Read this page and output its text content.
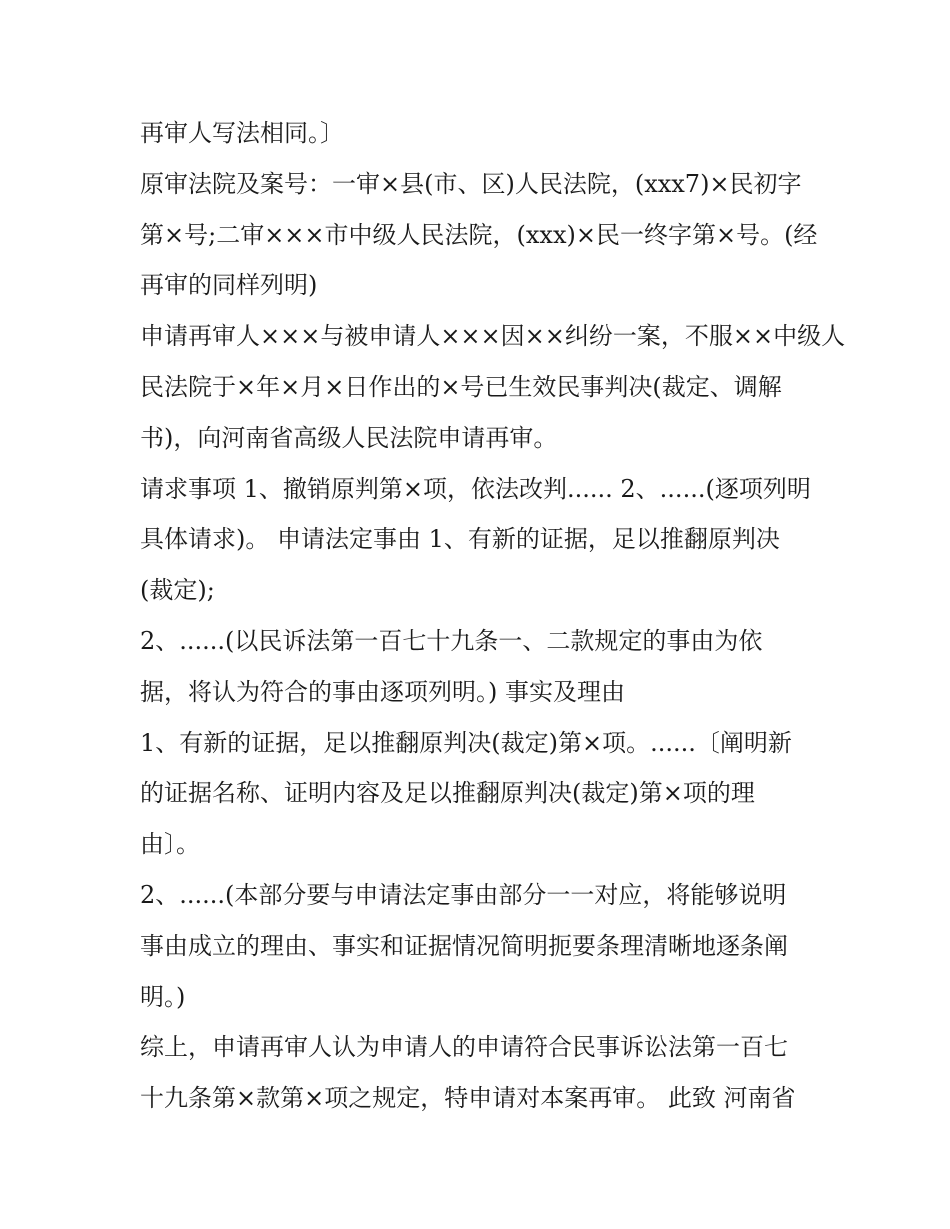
再审人写法相同。〕
原审法院及案号：一审×县(市、区)人民法院，(xxx7)×民初字
第×号;二审×××市中级人民法院，(xxx)×民一终字第×号。(经
再审的同样列明)
申请再审人×××与被申请人×××因××纠纷一案，不服××中级人
民法院于×年×月×日作出的×号已生效民事判决(裁定、调解
书)，向河南省高级人民法院申请再审。
请求事项 1、撤销原判第×项，依法改判...... 2、......(逐项列明
具体请求)。 申请法定事由 1、有新的证据，足以推翻原判决
(裁定);
2、......(以民诉法第一百七十九条一、二款规定的事由为依
据，将认为符合的事由逐项列明。) 事实及理由
1、有新的证据，足以推翻原判决(裁定)第×项。......〔阐明新
的证据名称、证明内容及足以推翻原判决(裁定)第×项的理
由〕。
2、......(本部分要与申请法定事由部分一一对应，将能够说明
事由成立的理由、事实和证据情况简明扼要条理清晰地逐条阐
明。)
综上，申请再审人认为申请人的申请符合民事诉讼法第一百七
十九条第×款第×项之规定，特申请对本案再审。 此致 河南省
